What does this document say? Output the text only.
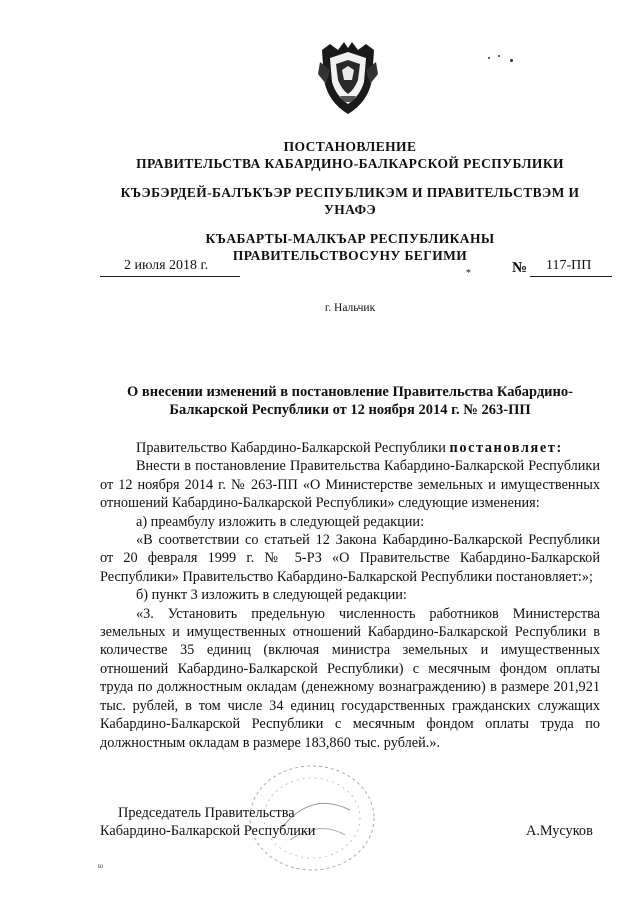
ПОСТАНОВЛЕНИЕ
ПРАВИТЕЛЬСТВА КАБАРДИНО-БАЛКАРСКОЙ РЕСПУБЛИКИ
КЪЭБЭРДЕЙ-БАЛЪКЪЭР РЕСПУБЛИКЭМ И ПРАВИТЕЛЬСТВЭМ И УНАФЭ
КЪАБАРТЫ-МАЛКЪАР РЕСПУБЛИКАНЫ ПРАВИТЕЛЬСТВОСУНУ БЕГИМИ
2 июля 2018 г.
*	№ 117-ПП
г. Нальчик
О внесении изменений в постановление Правительства Кабардино-Балкарской Республики от 12 ноября 2014 г. № 263-ПП

Правительство Кабардино-Балкарской Республики постановляет:

Внести в постановление Правительства Кабардино-Балкарской Республики от 12 ноября 2014 г. № 263-ПП «О Министерстве земельных и имущественных отношений Кабардино-Балкарской Республики» следующие изменения:

а) преамбулу изложить в следующей редакции:

«В соответствии со статьей 12 Закона Кабардино-Балкарской Республики от 20 февраля 1999 г. № 5-РЗ «О Правительстве Кабардино-Балкарской Республики» Правительство Кабардино-Балкарской Республики постановляет:»;

б) пункт 3 изложить в следующей редакции:

«3. Установить предельную численность работников Министерства земельных и имущественных отношений Кабардино-Балкарской Республики в количестве 35 единиц (включая министра земельных и имущественных отношений Кабардино-Балкарской Республики) с месячным фондом оплаты труда по должностным окладам (денежному вознаграждению) в размере 201,921 тыс. рублей, в том числе 34 единиц государственных гражданских служащих Кабардино-Балкарской Республики с месячным фондом оплаты труда по должностным окладам в размере 183,860 тыс. рублей.».

Председатель Правительства
Кабардино-Балкарской Республики	А.Мусуков
ю
